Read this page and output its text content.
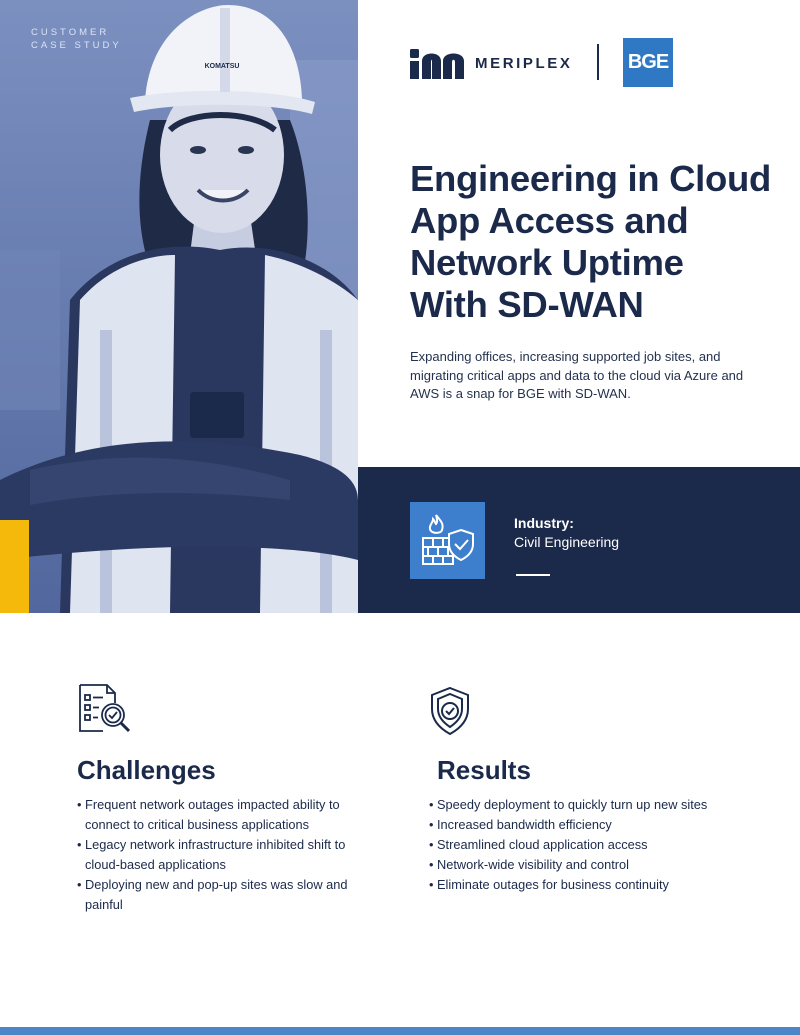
KOMATSU
CUSTOMER
CASE STUDY
MERIPLEX	BGE
Engineering in Cloud
App Access and
Network Uptime
With SD-WAN

Expanding offices, increasing supported job sites, and migrating critical apps and data to the cloud via Azure and AWS is a snap for BGE with SD-WAN.

Industry:
Civil Engineering
Challenges
• Frequent network outages impacted ability to connect to critical business applications
• Legacy network infrastructure inhibited shift to cloud-based applications
• Deploying new and pop-up sites was slow and painful
Results
• Speedy deployment to quickly turn up new sites
• Increased bandwidth efficiency
• Streamlined cloud application access
• Network-wide visibility and control
• Eliminate outages for business continuity
